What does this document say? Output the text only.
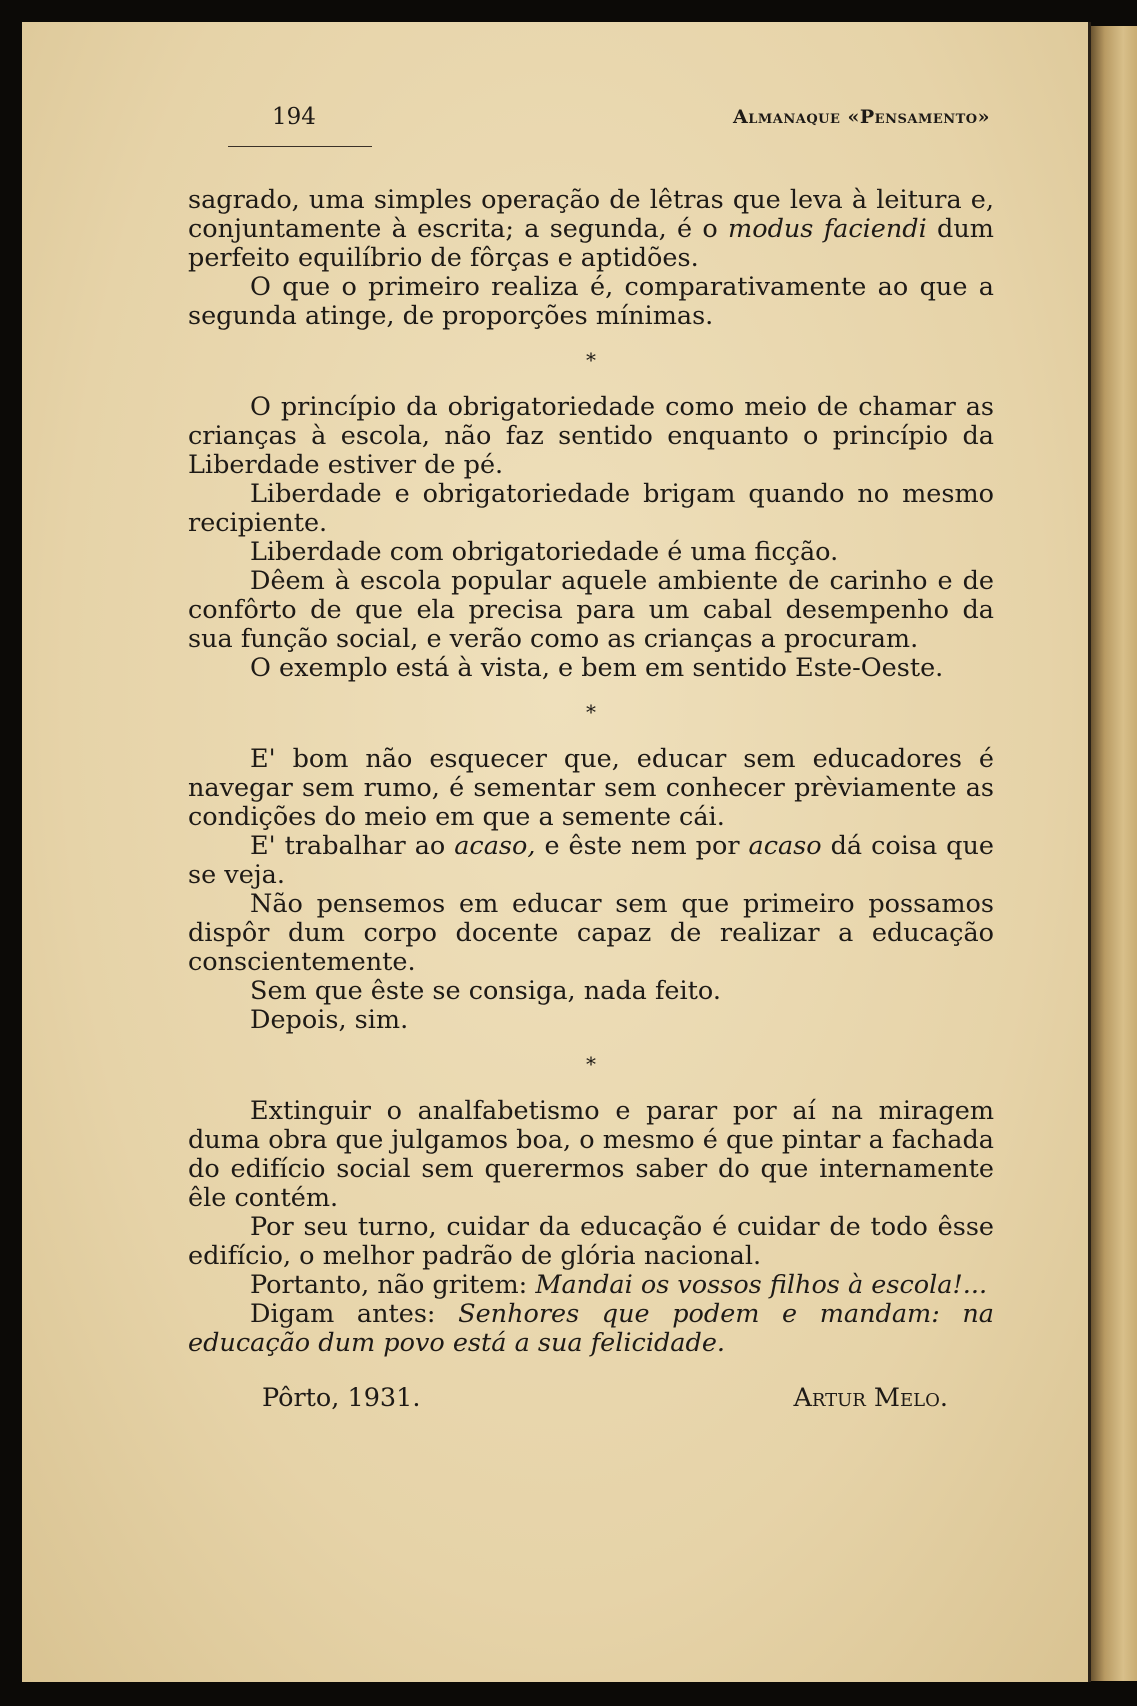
194	Almanaque «Pensamento»

sagrado, uma simples operação de lêtras que leva à leitura e, conjuntamente à escrita; a segunda, é o modus faciendi dum perfeito equilíbrio de fôrças e aptidões.

O que o primeiro realiza é, comparativamente ao que a segunda atinge, de proporções mínimas.

*

O princípio da obrigatoriedade como meio de chamar as crianças à escola, não faz sentido enquanto o princípio da Liberdade estiver de pé.

Liberdade e obrigatoriedade brigam quando no mesmo recipiente.

Liberdade com obrigatoriedade é uma ficção.

Dêem à escola popular aquele ambiente de carinho e de confôrto de que ela precisa para um cabal desempenho da sua função social, e verão como as crianças a procuram.

O exemplo está à vista, e bem em sentido Este-Oeste.

*

E' bom não esquecer que, educar sem educadores é navegar sem rumo, é sementar sem conhecer prèviamente as condições do meio em que a semente cái.

E' trabalhar ao acaso, e êste nem por acaso dá coisa que se veja.

Não pensemos em educar sem que primeiro possamos dispôr dum corpo docente capaz de realizar a educação conscientemente.

Sem que êste se consiga, nada feito.

Depois, sim.

*

Extinguir o analfabetismo e parar por aí na miragem duma obra que julgamos boa, o mesmo é que pintar a fachada do edifício social sem querermos saber do que internamente êle contém.

Por seu turno, cuidar da educação é cuidar de todo êsse edifício, o melhor padrão de glória nacional.

Portanto, não gritem: Mandai os vossos filhos à escola!...

Digam antes: Senhores que podem e mandam: na educação dum povo está a sua felicidade.

Pôrto, 1931.	Artur Melo.
